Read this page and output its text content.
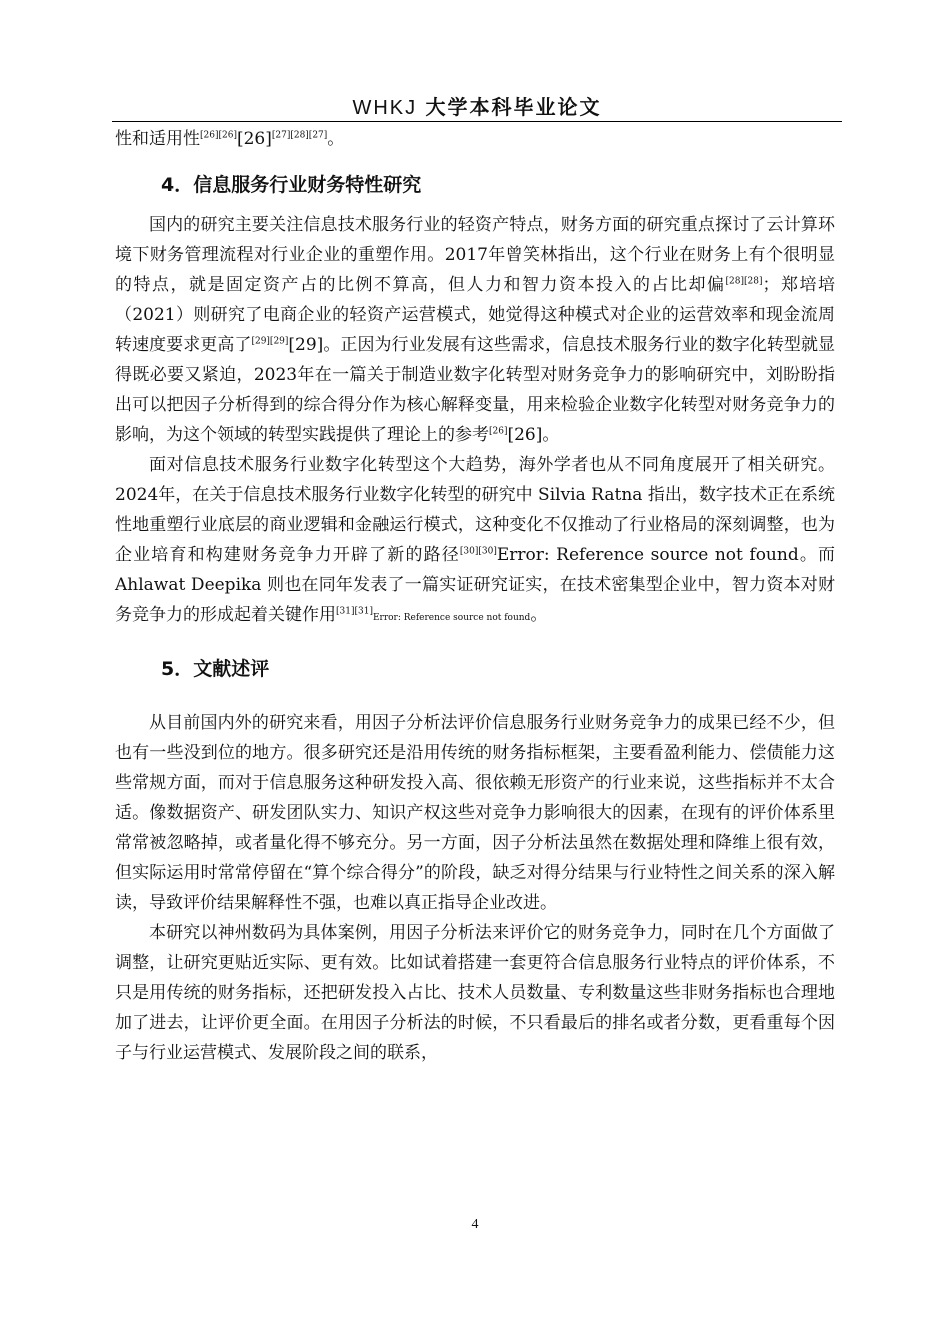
WHKJ 大学本科毕业论文

性和适用性[26][26][26][27][28][27]。

4．信息服务行业财务特性研究

国内的研究主要关注信息技术服务行业的轻资产特点，财务方面的研究重点探讨了云计算环境下财务管理流程对行业企业的重塑作用。2017年曾笑林指出，这个行业在财务上有个很明显的特点，就是固定资产占的比例不算高，但人力和智力资本投入的占比却偏[28][28]；郑培培（2021）则研究了电商企业的轻资产运营模式，她觉得这种模式对企业的运营效率和现金流周转速度要求更高了[29][29][29]。正因为行业发展有这些需求，信息技术服务行业的数字化转型就显得既必要又紧迫，2023年在一篇关于制造业数字化转型对财务竞争力的影响研究中，刘盼盼指出可以把因子分析得到的综合得分作为核心解释变量，用来检验企业数字化转型对财务竞争力的影响，为这个领域的转型实践提供了理论上的参考[26][26]。

面对信息技术服务行业数字化转型这个大趋势，海外学者也从不同角度展开了相关研究。2024年，在关于信息技术服务行业数字化转型的研究中 Silvia Ratna 指出，数字技术正在系统性地重塑行业底层的商业逻辑和金融运行模式，这种变化不仅推动了行业格局的深刻调整，也为企业培育和构建财务竞争力开辟了新的路径[30][30]Error: Reference source not found。而 Ahlawat Deepika 则也在同年发表了一篇实证研究证实，在技术密集型企业中，智力资本对财务竞争力的形成起着关键作用[31][31]Error: Reference source not found。

5．文献述评

从目前国内外的研究来看，用因子分析法评价信息服务行业财务竞争力的成果已经不少，但也有一些没到位的地方。很多研究还是沿用传统的财务指标框架，主要看盈利能力、偿债能力这些常规方面，而对于信息服务这种研发投入高、很依赖无形资产的行业来说，这些指标并不太合适。像数据资产、研发团队实力、知识产权这些对竞争力影响很大的因素，在现有的评价体系里常常被忽略掉，或者量化得不够充分。另一方面，因子分析法虽然在数据处理和降维上很有效，但实际运用时常常停留在“算个综合得分”的阶段，缺乏对得分结果与行业特性之间关系的深入解读，导致评价结果解释性不强，也难以真正指导企业改进。

本研究以神州数码为具体案例，用因子分析法来评价它的财务竞争力，同时在几个方面做了调整，让研究更贴近实际、更有效。比如试着搭建一套更符合信息服务行业特点的评价体系，不只是用传统的财务指标，还把研发投入占比、技术人员数量、专利数量这些非财务指标也合理地加了进去，让评价更全面。在用因子分析法的时候，不只看最后的排名或者分数，更看重每个因子与行业运营模式、发展阶段之间的联系，

4
